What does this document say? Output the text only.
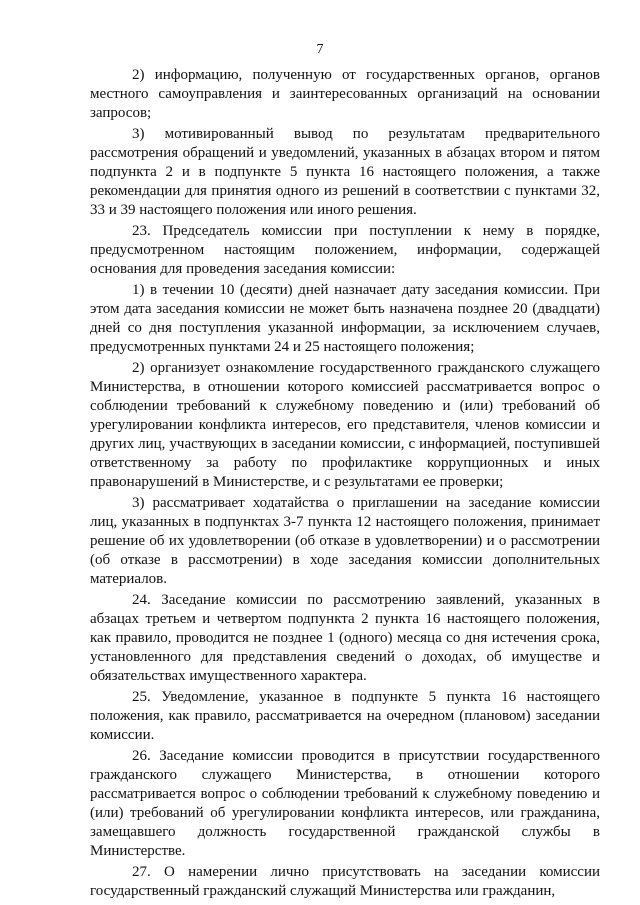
7

2) информацию, полученную от государственных органов, органов местного самоуправления и заинтересованных организаций на основании запросов;

3) мотивированный вывод по результатам предварительного рассмотрения обращений и уведомлений, указанных в абзацах втором и пятом подпункта 2 и в подпункте 5 пункта 16 настоящего положения, а также рекомендации для принятия одного из решений в соответствии с пунктами 32, 33 и 39 настоящего положения или иного решения.

23. Председатель комиссии при поступлении к нему в порядке, предусмотренном настоящим положением, информации, содержащей основания для проведения заседания комиссии:

1) в течении 10 (десяти) дней назначает дату заседания комиссии. При этом дата заседания комиссии не может быть назначена позднее 20 (двадцати) дней со дня поступления указанной информации, за исключением случаев, предусмотренных пунктами 24 и 25 настоящего положения;

2) организует ознакомление государственного гражданского служащего Министерства, в отношении которого комиссией рассматривается вопрос о соблюдении требований к служебному поведению и (или) требований об урегулировании конфликта интересов, его представителя, членов комиссии и других лиц, участвующих в заседании комиссии, с информацией, поступившей ответственному за работу по профилактике коррупционных и иных правонарушений в Министерстве, и с результатами ее проверки;

3) рассматривает ходатайства о приглашении на заседание комиссии лиц, указанных в подпунктах 3-7 пункта 12 настоящего положения, принимает решение об их удовлетворении (об отказе в удовлетворении) и о рассмотрении (об отказе в рассмотрении) в ходе заседания комиссии дополнительных материалов.

24. Заседание комиссии по рассмотрению заявлений, указанных в абзацах третьем и четвертом подпункта 2 пункта 16 настоящего положения, как правило, проводится не позднее 1 (одного) месяца со дня истечения срока, установленного для представления сведений о доходах, об имуществе и обязательствах имущественного характера.

25. Уведомление, указанное в подпункте 5 пункта 16 настоящего положения, как правило, рассматривается на очередном (плановом) заседании комиссии.

26. Заседание комиссии проводится в присутствии государственного гражданского служащего Министерства, в отношении которого рассматривается вопрос о соблюдении требований к служебному поведению и (или) требований об урегулировании конфликта интересов, или гражданина, замещавшего должность государственной гражданской службы в Министерстве.

27. О намерении лично присутствовать на заседании комиссии государственный гражданский служащий Министерства или гражданин,
